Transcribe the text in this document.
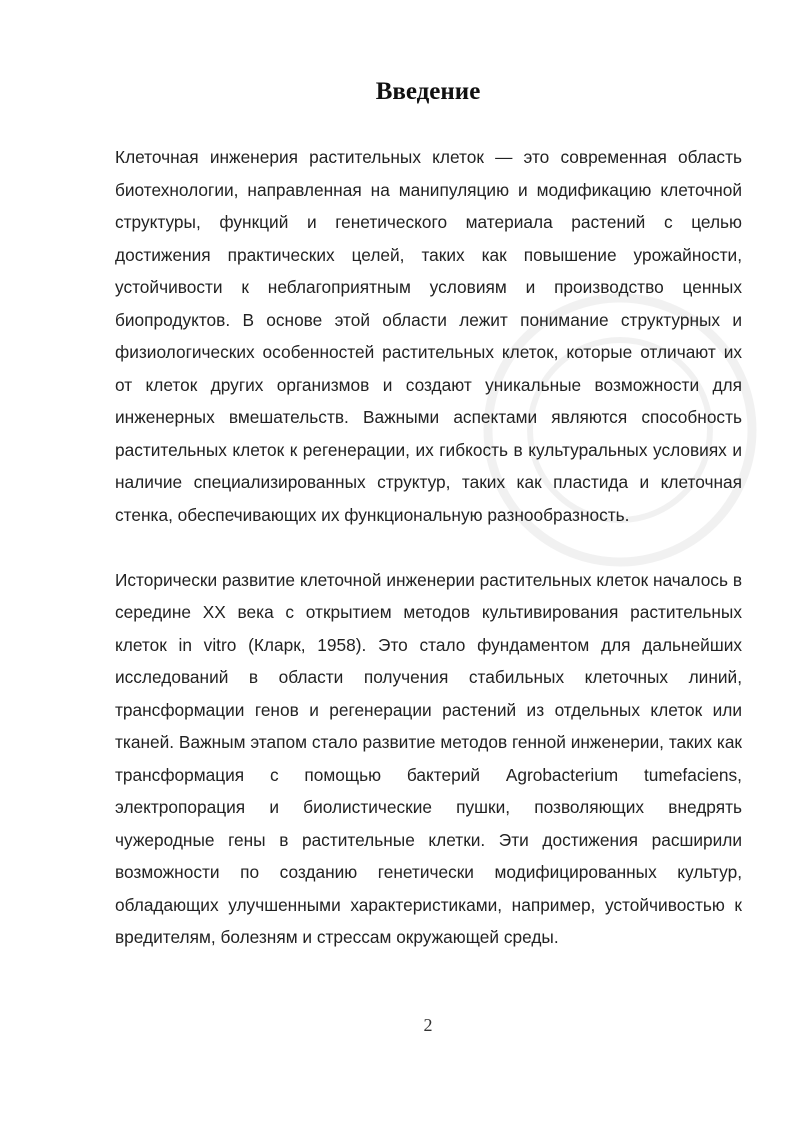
Введение

Клеточная инженерия растительных клеток — это современная область биотехнологии, направленная на манипуляцию и модификацию клеточной структуры, функций и генетического материала растений с целью достижения практических целей, таких как повышение урожайности, устойчивости к неблагоприятным условиям и производство ценных биопродуктов. В основе этой области лежит понимание структурных и физиологических особенностей растительных клеток, которые отличают их от клеток других организмов и создают уникальные возможности для инженерных вмешательств. Важными аспектами являются способность растительных клеток к регенерации, их гибкость в культуральных условиях и наличие специализированных структур, таких как пластида и клеточная стенка, обеспечивающих их функциональную разнообразность.

Исторически развитие клеточной инженерии растительных клеток началось в середине XX века с открытием методов культивирования растительных клеток in vitro (Кларк, 1958). Это стало фундаментом для дальнейших исследований в области получения стабильных клеточных линий, трансформации генов и регенерации растений из отдельных клеток или тканей. Важным этапом стало развитие методов генной инженерии, таких как трансформация с помощью бактерий Agrobacterium tumefaciens, электропорация и биолистические пушки, позволяющих внедрять чужеродные гены в растительные клетки. Эти достижения расширили возможности по созданию генетически модифицированных культур, обладающих улучшенными характеристиками, например, устойчивостью к вредителям, болезням и стрессам окружающей среды.

2
